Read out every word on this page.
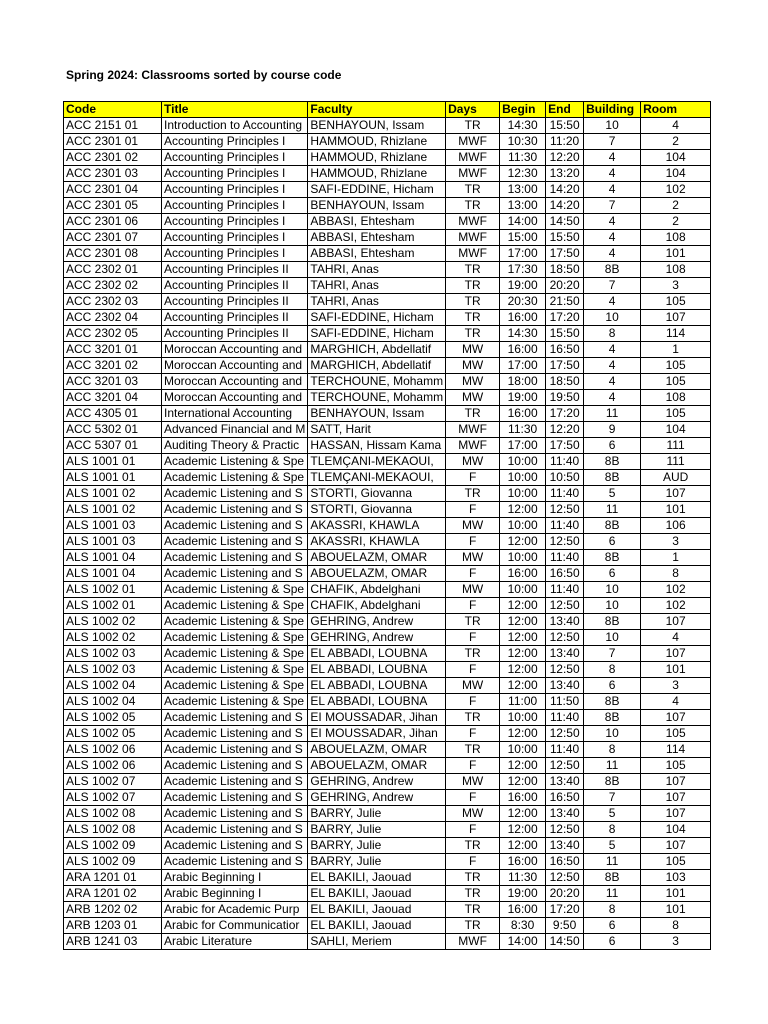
Spring 2024: Classrooms sorted by course code
Code	Title	Faculty	Days	Begin	End	Building	Room
ACC 2151 01	Introduction to Accounting	BENHAYOUN, Issam	TR	14:30	15:50	10	4
ACC 2301 01	Accounting Principles I	HAMMOUD, Rhizlane	MWF	10:30	11:20	7	2
ACC 2301 02	Accounting Principles I	HAMMOUD, Rhizlane	MWF	11:30	12:20	4	104
ACC 2301 03	Accounting Principles I	HAMMOUD, Rhizlane	MWF	12:30	13:20	4	104
ACC 2301 04	Accounting Principles I	SAFI-EDDINE, Hicham	TR	13:00	14:20	4	102
ACC 2301 05	Accounting Principles I	BENHAYOUN, Issam	TR	13:00	14:20	7	2
ACC 2301 06	Accounting Principles I	ABBASI, Ehtesham	MWF	14:00	14:50	4	2
ACC 2301 07	Accounting Principles I	ABBASI, Ehtesham	MWF	15:00	15:50	4	108
ACC 2301 08	Accounting Principles I	ABBASI, Ehtesham	MWF	17:00	17:50	4	101
ACC 2302 01	Accounting Principles II	TAHRI, Anas	TR	17:30	18:50	8B	108
ACC 2302 02	Accounting Principles II	TAHRI, Anas	TR	19:00	20:20	7	3
ACC 2302 03	Accounting Principles II	TAHRI, Anas	TR	20:30	21:50	4	105
ACC 2302 04	Accounting Principles II	SAFI-EDDINE, Hicham	TR	16:00	17:20	10	107
ACC 2302 05	Accounting Principles II	SAFI-EDDINE, Hicham	TR	14:30	15:50	8	114
ACC 3201 01	Moroccan Accounting and	MARGHICH, Abdellatif	MW	16:00	16:50	4	1
ACC 3201 02	Moroccan Accounting and	MARGHICH, Abdellatif	MW	17:00	17:50	4	105
ACC 3201 03	Moroccan Accounting and	TERCHOUNE, Mohamm	MW	18:00	18:50	4	105
ACC 3201 04	Moroccan Accounting and	TERCHOUNE, Mohamm	MW	19:00	19:50	4	108
ACC 4305 01	International Accounting	BENHAYOUN, Issam	TR	16:00	17:20	11	105
ACC 5302 01	Advanced Financial and M	SATT, Harit	MWF	11:30	12:20	9	104
ACC 5307 01	Auditing Theory & Practic	HASSAN, Hissam Kama	MWF	17:00	17:50	6	111
ALS 1001 01	Academic Listening & Spe	TLEMÇANI-MEKAOUI,	MW	10:00	11:40	8B	111
ALS 1001 01	Academic Listening & Spe	TLEMÇANI-MEKAOUI,	F	10:00	10:50	8B	AUD
ALS 1001 02	Academic Listening and S	STORTI, Giovanna	TR	10:00	11:40	5	107
ALS 1001 02	Academic Listening and S	STORTI, Giovanna	F	12:00	12:50	11	101
ALS 1001 03	Academic Listening and S	AKASSRI, KHAWLA	MW	10:00	11:40	8B	106
ALS 1001 03	Academic Listening and S	AKASSRI, KHAWLA	F	12:00	12:50	6	3
ALS 1001 04	Academic Listening and S	ABOUELAZM, OMAR	MW	10:00	11:40	8B	1
ALS 1001 04	Academic Listening and S	ABOUELAZM, OMAR	F	16:00	16:50	6	8
ALS 1002 01	Academic Listening & Spe	CHAFIK, Abdelghani	MW	10:00	11:40	10	102
ALS 1002 01	Academic Listening & Spe	CHAFIK, Abdelghani	F	12:00	12:50	10	102
ALS 1002 02	Academic Listening & Spe	GEHRING, Andrew	TR	12:00	13:40	8B	107
ALS 1002 02	Academic Listening & Spe	GEHRING, Andrew	F	12:00	12:50	10	4
ALS 1002 03	Academic Listening & Spe	EL ABBADI, LOUBNA	TR	12:00	13:40	7	107
ALS 1002 03	Academic Listening & Spe	EL ABBADI, LOUBNA	F	12:00	12:50	8	101
ALS 1002 04	Academic Listening & Spe	EL ABBADI, LOUBNA	MW	12:00	13:40	6	3
ALS 1002 04	Academic Listening & Spe	EL ABBADI, LOUBNA	F	11:00	11:50	8B	4
ALS 1002 05	Academic Listening and S	EI MOUSSADAR, Jihan	TR	10:00	11:40	8B	107
ALS 1002 05	Academic Listening and S	EI MOUSSADAR, Jihan	F	12:00	12:50	10	105
ALS 1002 06	Academic Listening and S	ABOUELAZM, OMAR	TR	10:00	11:40	8	114
ALS 1002 06	Academic Listening and S	ABOUELAZM, OMAR	F	12:00	12:50	11	105
ALS 1002 07	Academic Listening and S	GEHRING, Andrew	MW	12:00	13:40	8B	107
ALS 1002 07	Academic Listening and S	GEHRING, Andrew	F	16:00	16:50	7	107
ALS 1002 08	Academic Listening and S	BARRY, Julie	MW	12:00	13:40	5	107
ALS 1002 08	Academic Listening and S	BARRY, Julie	F	12:00	12:50	8	104
ALS 1002 09	Academic Listening and S	BARRY, Julie	TR	12:00	13:40	5	107
ALS 1002 09	Academic Listening and S	BARRY, Julie	F	16:00	16:50	11	105
ARA 1201 01	Arabic Beginning I	EL BAKILI, Jaouad	TR	11:30	12:50	8B	103
ARA 1201 02	Arabic Beginning I	EL BAKILI, Jaouad	TR	19:00	20:20	11	101
ARB 1202 02	Arabic for Academic Purp	EL BAKILI, Jaouad	TR	16:00	17:20	8	101
ARB 1203 01	Arabic for Communicatior	EL BAKILI, Jaouad	TR	8:30	9:50	6	8
ARB 1241 03	Arabic Literature	SAHLI, Meriem	MWF	14:00	14:50	6	3
